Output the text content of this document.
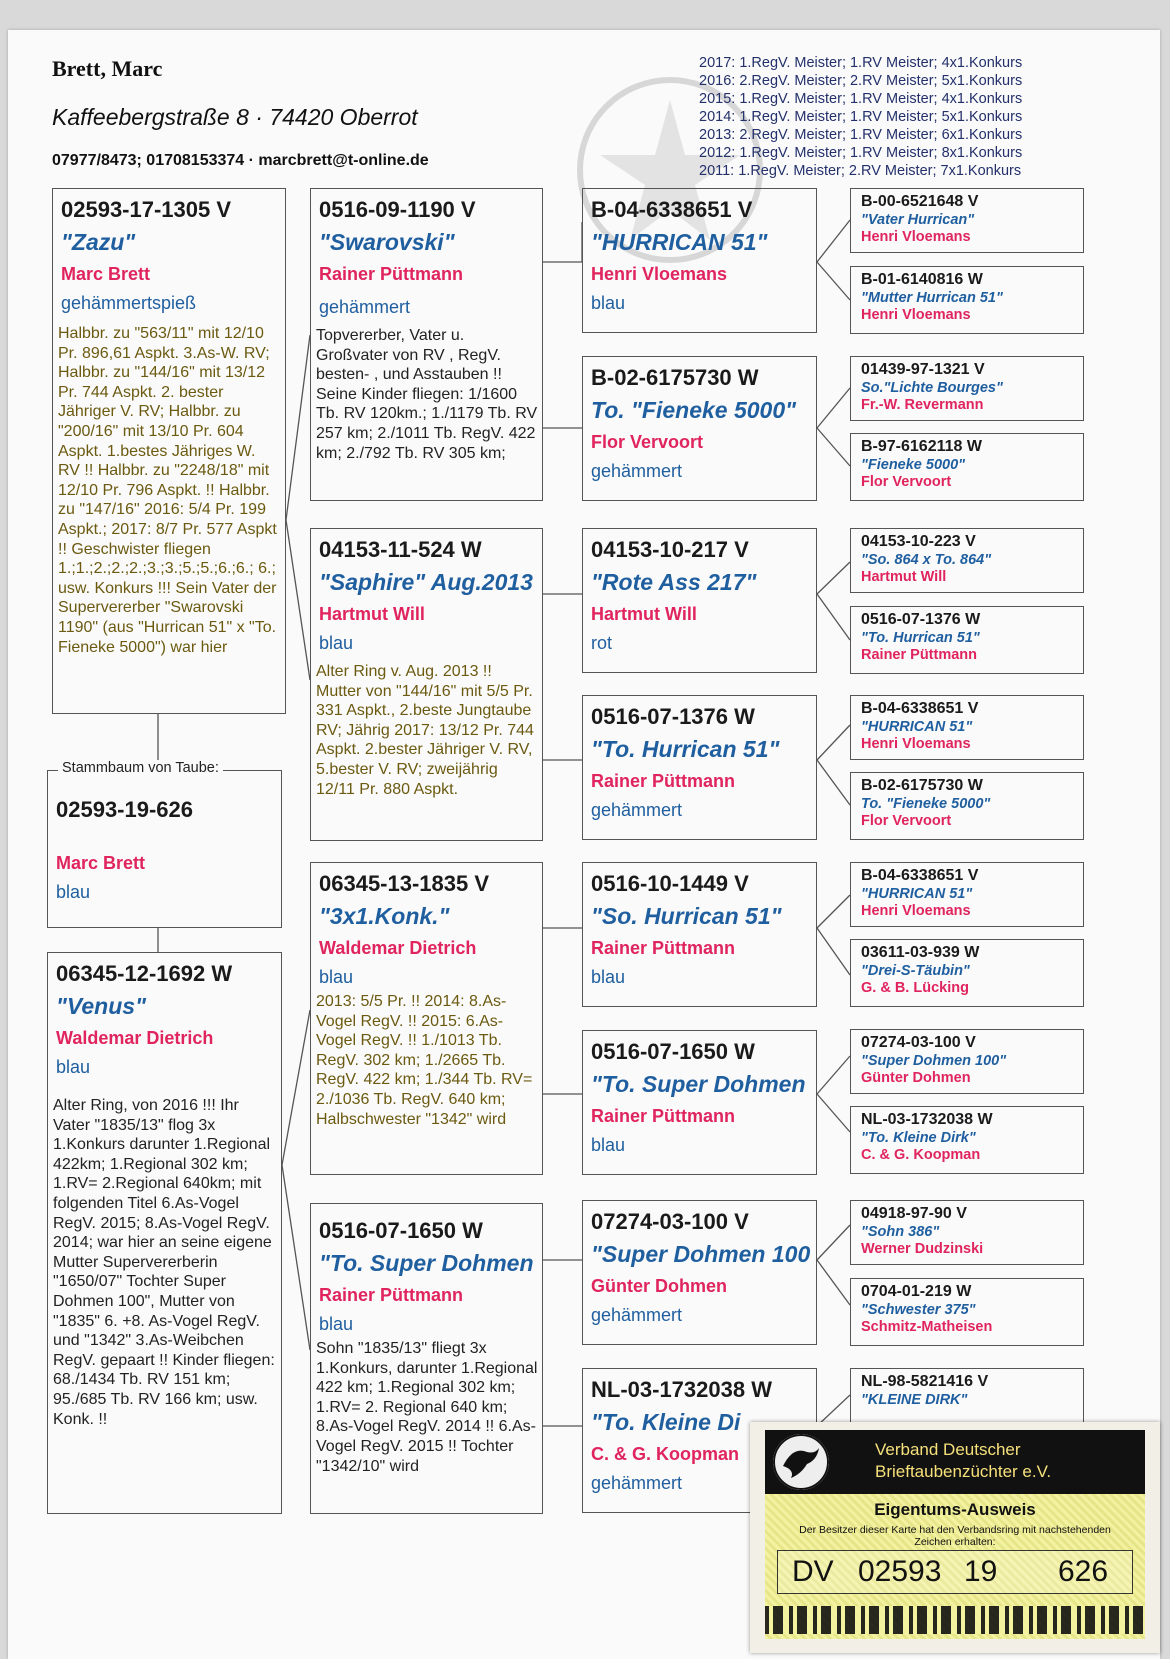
Brett, Marc
Kaffeebergstraße 8 · 74420 Oberrot
07977/8473; 01708153374 · marcbrett@t-online.de
2017: 1.RegV. Meister; 1.RV Meister; 4x1.Konkurs
2016: 2.RegV. Meister; 2.RV Meister; 5x1.Konkurs
2015: 1.RegV. Meister; 1.RV Meister; 4x1.Konkurs
2014: 1.RegV. Meister; 1.RV Meister; 5x1.Konkurs
2013: 2.RegV. Meister; 1.RV Meister; 6x1.Konkurs
2012: 1.RegV. Meister; 1.RV Meister; 8x1.Konkurs
2011: 1.RegV. Meister; 2.RV Meister; 7x1.Konkurs
02593-19-626
Marc Brett
blau
Stammbaum von Taube:
02593-17-1305 V
"Zazu"
Marc Brett
gehämmertspieß
Halbbr. zu "563/11" mit 12/10 Pr. 896,61 Aspkt. 3.As-W. RV; Halbbr. zu "144/16" mit 13/12 Pr. 744 Aspkt. 2. bester Jähriger V. RV; Halbbr. zu "200/16" mit 13/10 Pr. 604 Aspkt. 1.bestes Jähriges W. RV !! Halbbr. zu "2248/18" mit 12/10 Pr. 796 Aspkt. !! Halbbr. zu "147/16" 2016: 5/4 Pr. 199 Aspkt.; 2017: 8/7 Pr. 577 Aspkt !! Geschwister fliegen 1.;1.;2.;2.;2.;3.;3.;5.;5.;6.;6.; 6.; usw. Konkurs !!! Sein Vater der Supervererber "Swarovski 1190" (aus "Hurrican 51" x "To. Fieneke 5000") war hier
06345-12-1692 W
"Venus"
Waldemar Dietrich
blau
Alter Ring, von 2016 !!! Ihr Vater "1835/13" flog 3x 1.Konkurs darunter 1.Regional 422km; 1.Regional 302 km; 1.RV= 2.Regional 640km; mit folgenden Titel 6.As-Vogel RegV. 2015; 8.As-Vogel RegV. 2014; war hier an seine eigene Mutter Supervererberin "1650/07" Tochter Super Dohmen 100", Mutter von "1835" 6. +8. As-Vogel RegV. und "1342" 3.As-Weibchen RegV. gepaart !! Kinder fliegen: 68./1434 Tb. RV 151 km; 95./685 Tb. RV 166 km; usw. Konk. !!
0516-09-1190 V
"Swarovski"
Rainer Püttmann
gehämmert
Topvererber, Vater u. Großvater von RV , RegV. besten- , und Asstauben !! Seine Kinder fliegen: 1/1600 Tb. RV 120km.; 1./1179 Tb. RV 257 km; 2./1011 Tb. RegV. 422 km; 2./792 Tb. RV 305 km;
04153-11-524 W
"Saphire" Aug.2013
Hartmut Will
blau
Alter Ring v. Aug. 2013 !! Mutter von "144/16" mit 5/5 Pr. 331 Aspkt., 2.beste Jungtaube RV; Jährig 2017: 13/12 Pr. 744 Aspkt. 2.bester Jähriger V. RV, 5.bester V. RV; zweijährig 12/11 Pr. 880 Aspkt.
06345-13-1835 V
"3x1.Konk."
Waldemar Dietrich
blau
2013: 5/5 Pr. !! 2014: 8.As-Vogel RegV. !! 2015: 6.As-Vogel RegV. !! 1./1013 Tb. RegV. 302 km; 1./2665 Tb. RegV. 422 km; 1./344 Tb. RV= 2./1036 Tb. RegV. 640 km; Halbschwester "1342" wird
0516-07-1650 W
"To. Super Dohmen
Rainer Püttmann
blau
Sohn "1835/13" fliegt 3x 1.Konkurs, darunter 1.Regional 422 km; 1.Regional 302 km; 1.RV= 2. Regional 640 km; 8.As-Vogel RegV. 2014 !! 6.As-Vogel RegV. 2015 !! Tochter "1342/10" wird
B-04-6338651 V
"HURRICAN 51"
Henri Vloemans
blau
B-02-6175730 W
To. "Fieneke 5000"
Flor Vervoort
gehämmert
04153-10-217 V
"Rote Ass 217"
Hartmut Will
rot
0516-07-1376 W
"To. Hurrican 51"
Rainer Püttmann
gehämmert
0516-10-1449 V
"So. Hurrican 51"
Rainer Püttmann
blau
0516-07-1650 W
"To. Super Dohmen
Rainer Püttmann
blau
07274-03-100 V
"Super Dohmen 100
Günter Dohmen
gehämmert
NL-03-1732038 W
"To. Kleine Di
C. & G. Koopman
gehämmert
B-00-6521648 V
"Vater Hurrican"
Henri Vloemans
B-01-6140816 W
"Mutter Hurrican 51"
Henri Vloemans
01439-97-1321 V
So."Lichte Bourges"
Fr.-W. Revermann
B-97-6162118 W
"Fieneke 5000"
Flor Vervoort
04153-10-223 V
"So. 864 x To. 864"
Hartmut Will
0516-07-1376 W
"To. Hurrican 51"
Rainer Püttmann
B-04-6338651 V
"HURRICAN 51"
Henri Vloemans
B-02-6175730 W
To. "Fieneke 5000"
Flor Vervoort
B-04-6338651 V
"HURRICAN 51"
Henri Vloemans
03611-03-939 W
"Drei-S-Täubin"
G. & B. Lücking
07274-03-100 V
"Super Dohmen 100"
Günter Dohmen
NL-03-1732038 W
"To. Kleine Dirk"
C. & G. Koopman
04918-97-90 V
"Sohn 386"
Werner Dudzinski
0704-01-219 W
"Schwester 375"
Schmitz-Matheisen
NL-98-5821416 V
"KLEINE DIRK"
Verband Deutscher
Brieftaubenzüchter e.V.
Eigentums-Ausweis
Der Besitzer dieser Karte hat den Verbandsring mit nachstehenden Zeichen erhalten:
DV 02593 19 626
